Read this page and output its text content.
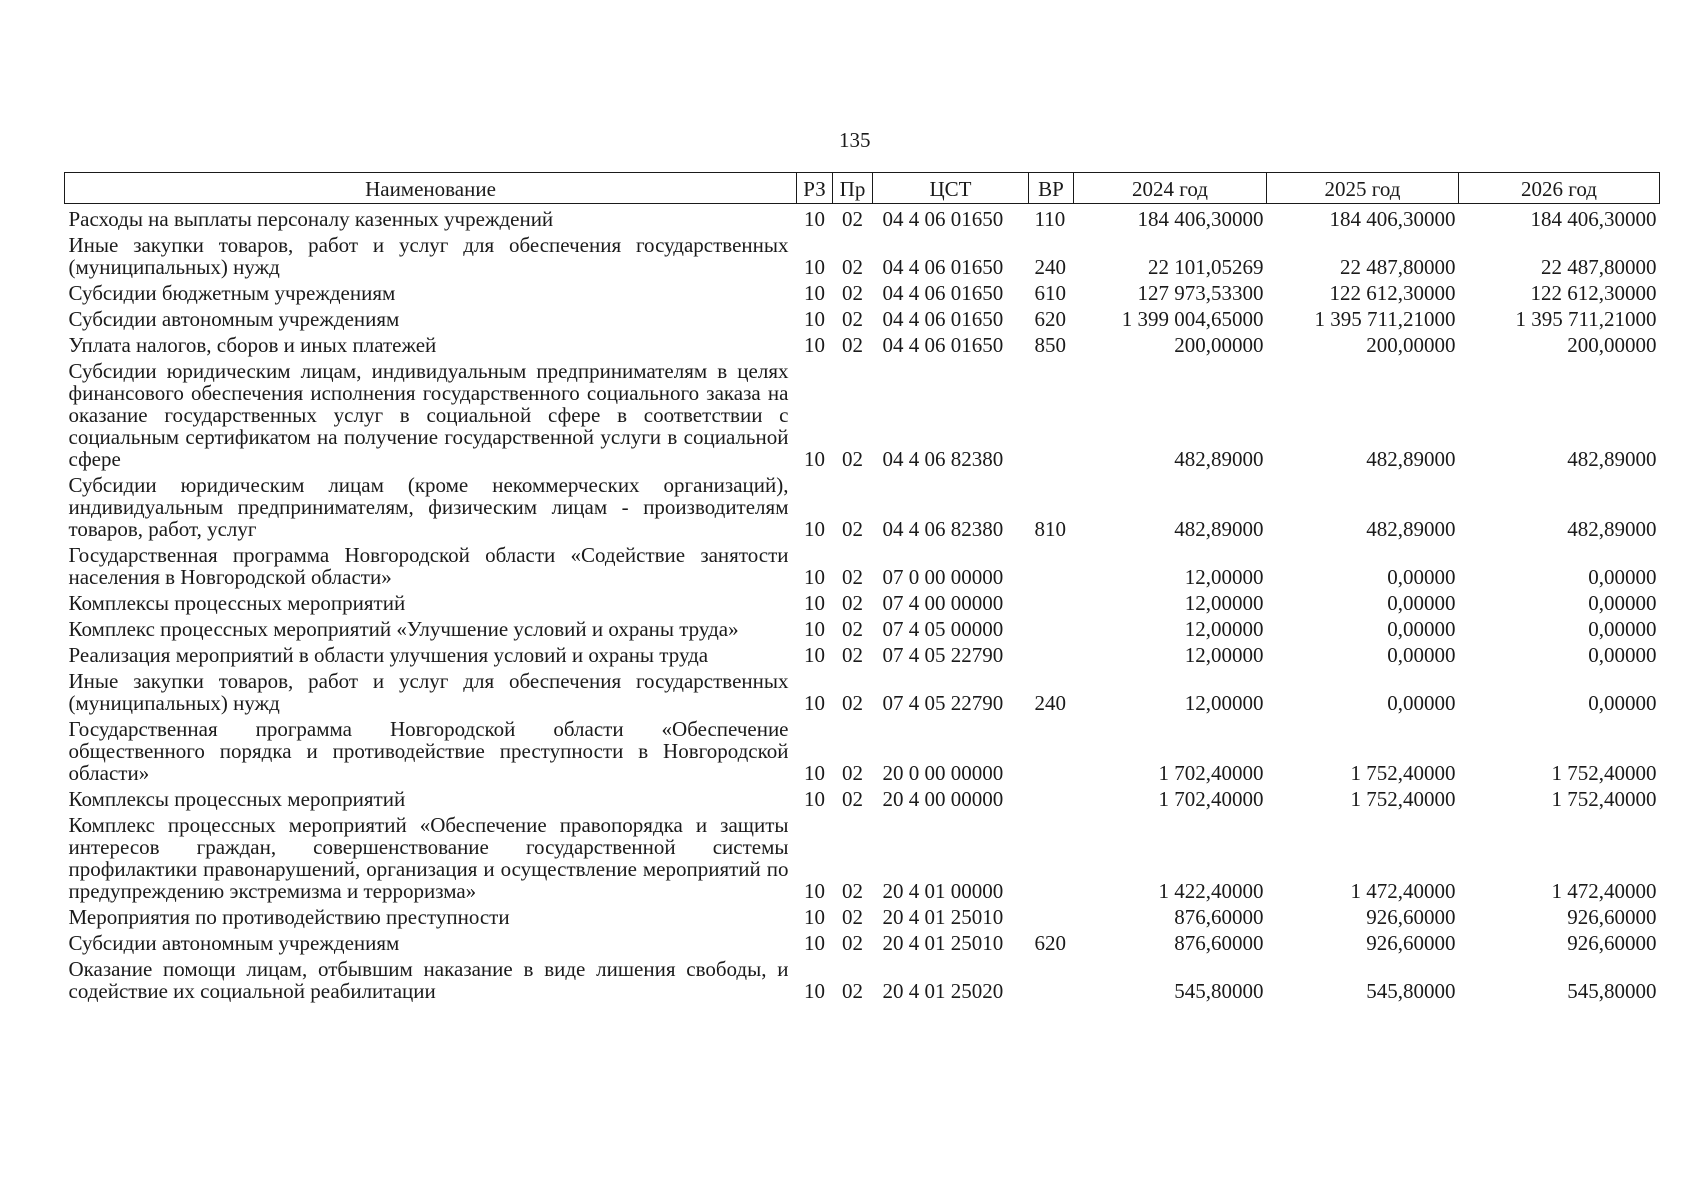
135
Наименование	РЗ	Пр	ЦСТ	ВР	2024 год	2025 год	2026 год
Расходы на выплаты персоналу казенных учреждений	10	02	04 4 06 01650	110	184 406,30000	184 406,30000	184 406,30000
Иные закупки товаров, работ и услуг для обеспечения государственных (муниципальных) нужд	10	02	04 4 06 01650	240	22 101,05269	22 487,80000	22 487,80000
Субсидии бюджетным учреждениям	10	02	04 4 06 01650	610	127 973,53300	122 612,30000	122 612,30000
Субсидии автономным учреждениям	10	02	04 4 06 01650	620	1 399 004,65000	1 395 711,21000	1 395 711,21000
Уплата налогов, сборов и иных платежей	10	02	04 4 06 01650	850	200,00000	200,00000	200,00000
Субсидии юридическим лицам, индивидуальным предпринимателям в целях финансового обеспечения исполнения государственного социального заказа на оказание государственных услуг в социальной сфере в соответствии с социальным сертификатом на получение государственной услуги в социальной сфере	10	02	04 4 06 82380		482,89000	482,89000	482,89000
Субсидии юридическим лицам (кроме некоммерческих организаций), индивидуальным предпринимателям, физическим лицам - производителям товаров, работ, услуг	10	02	04 4 06 82380	810	482,89000	482,89000	482,89000
Государственная программа Новгородской области «Содействие занятости населения в Новгородской области»	10	02	07 0 00 00000		12,00000	0,00000	0,00000
Комплексы процессных мероприятий	10	02	07 4 00 00000		12,00000	0,00000	0,00000
Комплекс процессных мероприятий «Улучшение условий и охраны труда»	10	02	07 4 05 00000		12,00000	0,00000	0,00000
Реализация мероприятий в области улучшения условий и охраны труда	10	02	07 4 05 22790		12,00000	0,00000	0,00000
Иные закупки товаров, работ и услуг для обеспечения государственных (муниципальных) нужд	10	02	07 4 05 22790	240	12,00000	0,00000	0,00000
Государственная программа Новгородской области «Обеспечение общественного порядка и противодействие преступности в Новгородской области»	10	02	20 0 00 00000		1 702,40000	1 752,40000	1 752,40000
Комплексы процессных мероприятий	10	02	20 4 00 00000		1 702,40000	1 752,40000	1 752,40000
Комплекс процессных мероприятий «Обеспечение правопорядка и защиты интересов граждан, совершенствование государственной системы профилактики правонарушений, организация и осуществление мероприятий по предупреждению экстремизма и терроризма»	10	02	20 4 01 00000		1 422,40000	1 472,40000	1 472,40000
Мероприятия по противодействию преступности	10	02	20 4 01 25010		876,60000	926,60000	926,60000
Субсидии автономным учреждениям	10	02	20 4 01 25010	620	876,60000	926,60000	926,60000
Оказание помощи лицам, отбывшим наказание в виде лишения свободы, и содействие их социальной реабилитации	10	02	20 4 01 25020		545,80000	545,80000	545,80000
